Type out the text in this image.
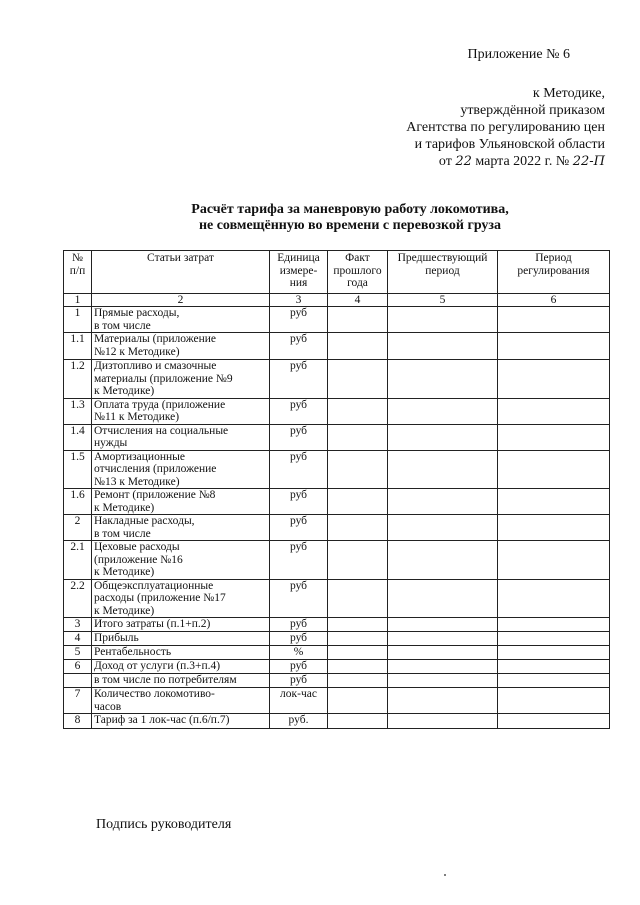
Приложение № 6
к Методике,
утверждённой приказом
Агентства по регулированию цен
и тарифов Ульяновской области
от 22 марта 2022 г. № 22-П
Расчёт тарифа за маневровую работу локомотива,
не совмещённую во времени с перевозкой груза
№ п/п	Статьи затрат	Единица измере-ния	Факт прошлого года	Предшествующий период	Период регулирования
1	2	3	4	5	6
1	Прямые расходы,
в том числе	руб			
1.1	Материалы (приложение
№12 к Методике)	руб			
1.2	Дизтопливо и смазочные
материалы (приложение №9
к Методике)	руб			
1.3	Оплата труда (приложение
№11 к Методике)	руб			
1.4	Отчисления на социальные
нужды	руб			
1.5	Амортизационные
отчисления (приложение
№13 к Методике)	руб			
1.6	Ремонт (приложение №8
к Методике)	руб			
2	Накладные расходы,
в том числе	руб			
2.1	Цеховые расходы
(приложение №16
к Методике)	руб			
2.2	Общеэксплуатационные
расходы (приложение №17
к Методике)	руб			
3	Итого затраты (п.1+п.2)	руб			
4	Прибыль	руб			
5	Рентабельность	%			
6	Доход от услуги (п.3+п.4)	руб			
	в том числе по потребителям	руб			
7	Количество локомотиво-
часов	лок-час			
8	Тариф за 1 лок-час (п.6/п.7)	руб.			
Подпись руководителя
